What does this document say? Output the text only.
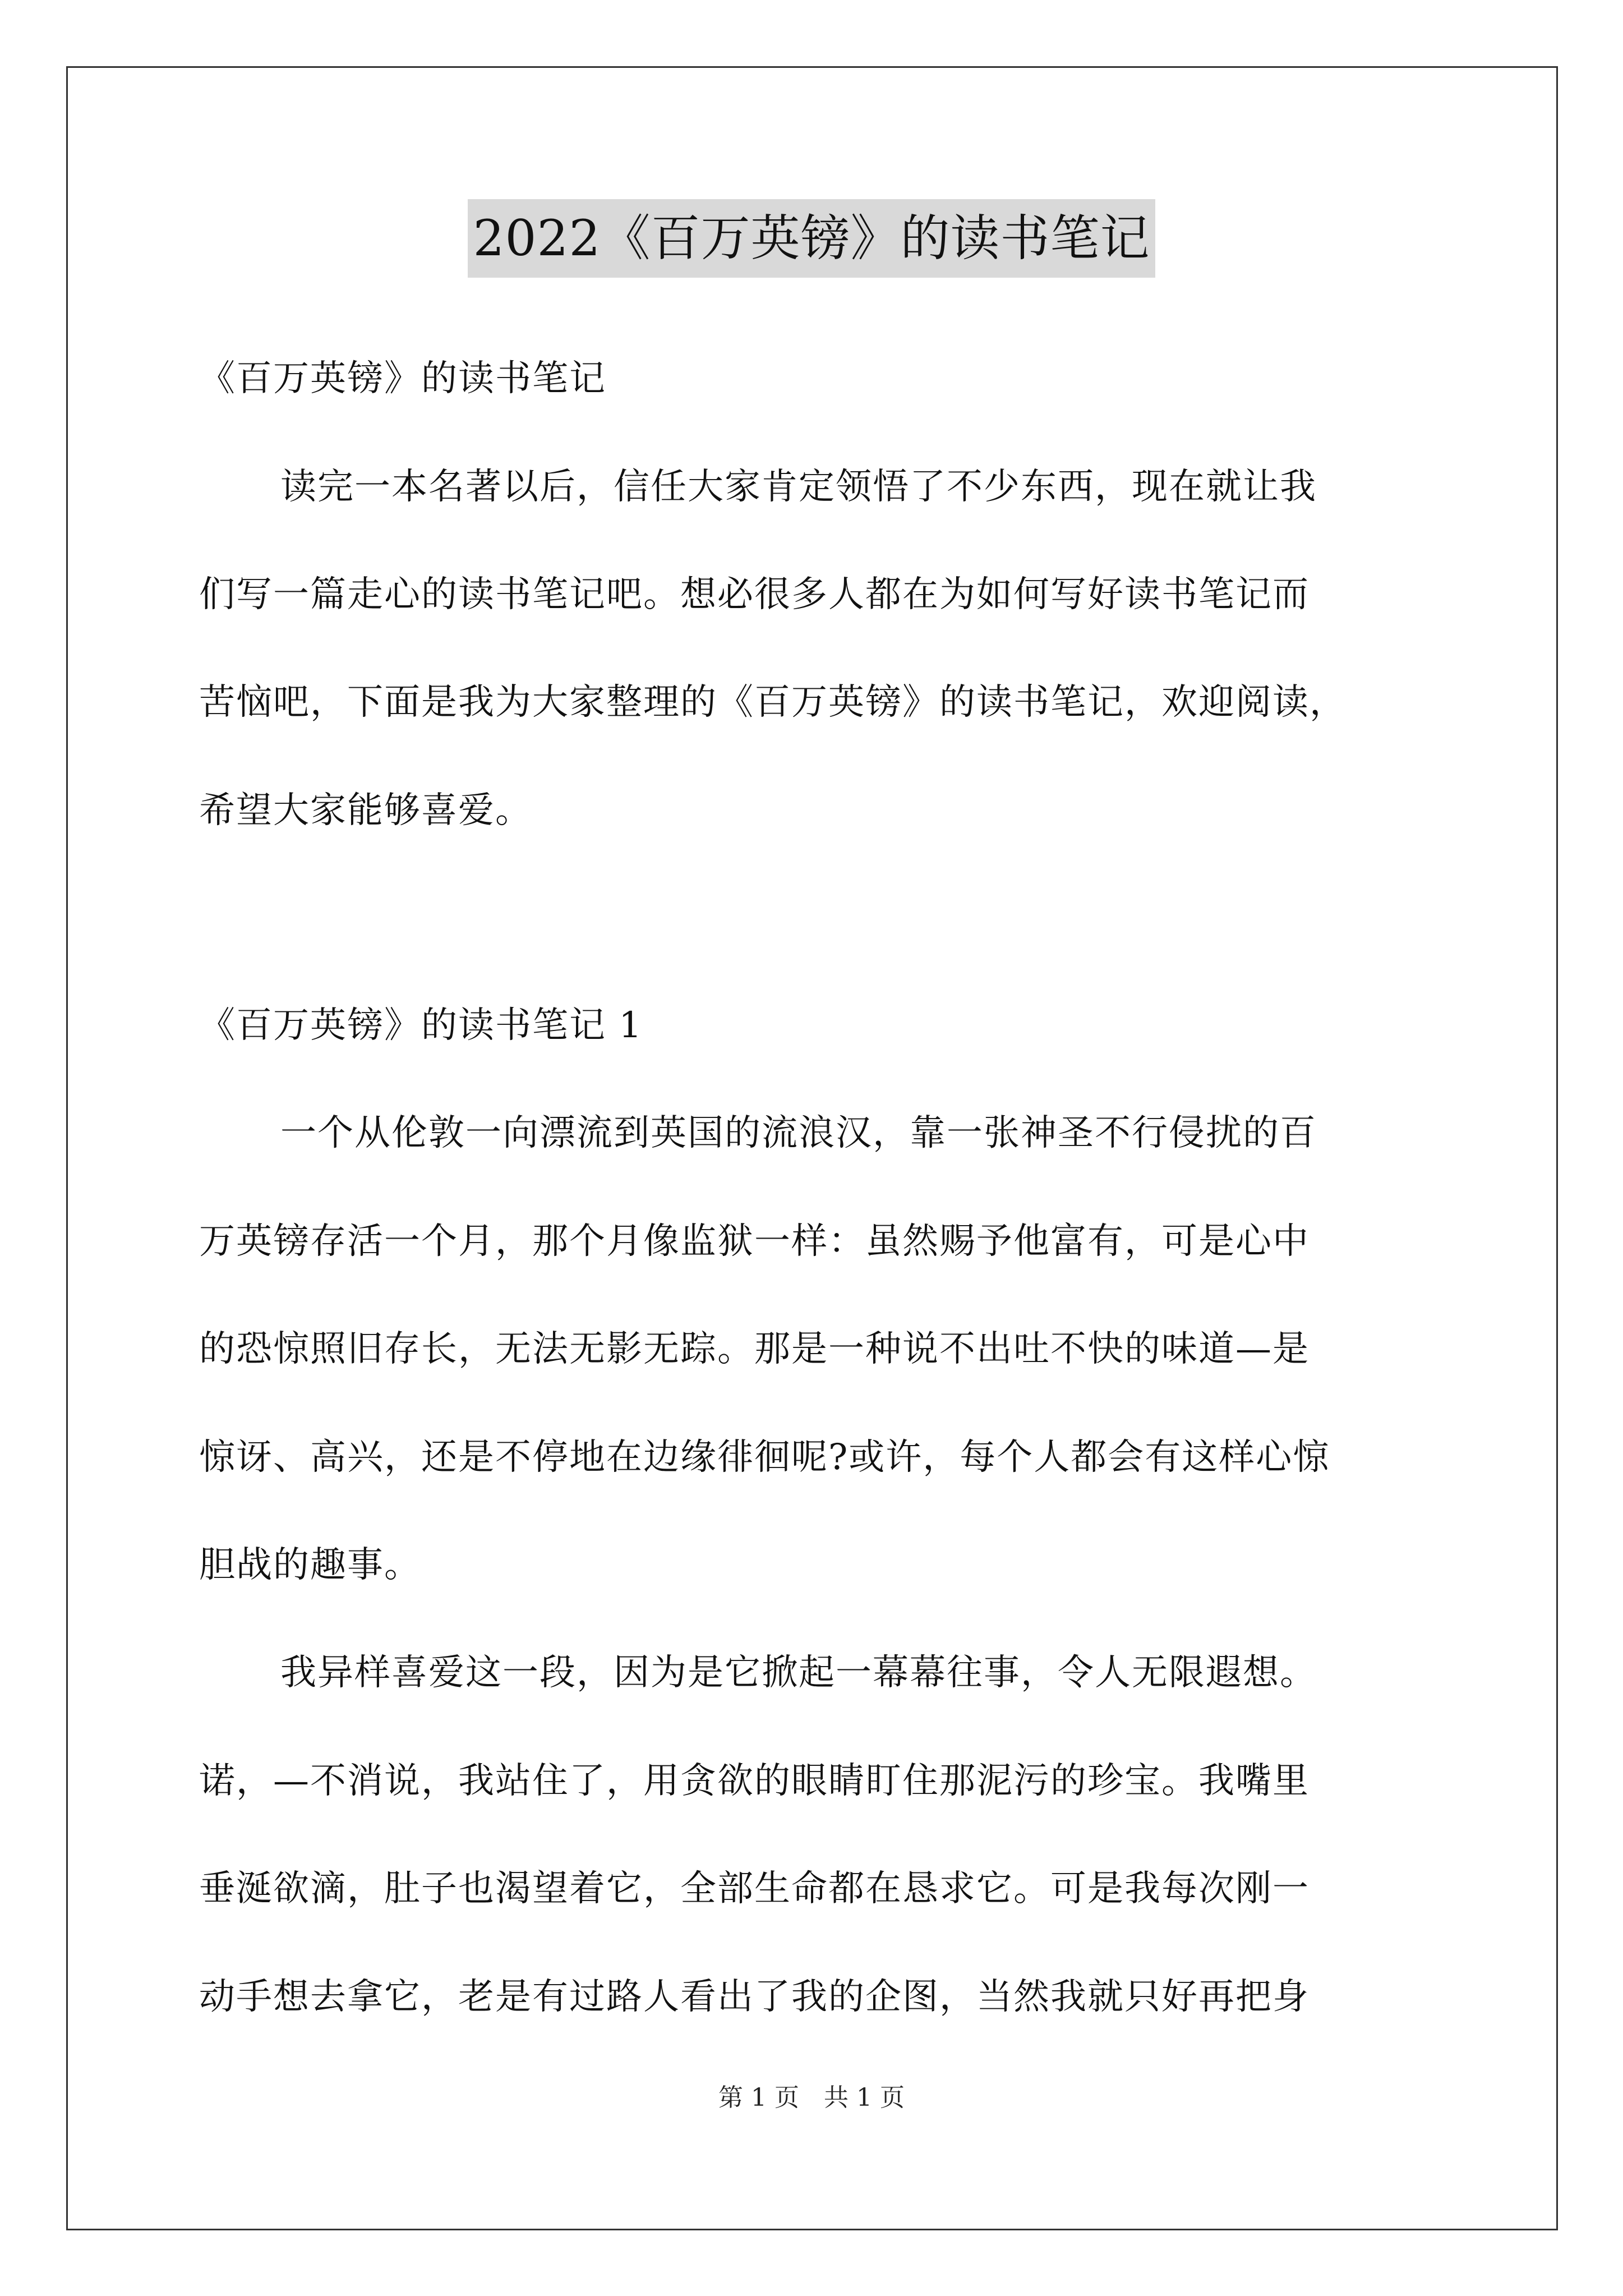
2022《百万英镑》的读书笔记
《百万英镑》的读书笔记
读完一本名著以后，信任大家肯定领悟了不少东西，现在就让我
们写一篇走心的读书笔记吧。想必很多人都在为如何写好读书笔记而
苦恼吧，下面是我为大家整理的《百万英镑》的读书笔记，欢迎阅读，
希望大家能够喜爱。
《百万英镑》的读书笔记 1
一个从伦敦一向漂流到英国的流浪汉，靠一张神圣不行侵扰的百
万英镑存活一个月，那个月像监狱一样：虽然赐予他富有，可是心中
的恐惊照旧存长，无法无影无踪。那是一种说不出吐不快的味道—是
惊讶、高兴，还是不停地在边缘徘徊呢?或许，每个人都会有这样心惊
胆战的趣事。
我异样喜爱这一段，因为是它掀起一幕幕往事，令人无限遐想。
诺，—不消说，我站住了，用贪欲的眼睛盯住那泥污的珍宝。我嘴里
垂涎欲滴，肚子也渴望着它，全部生命都在恳求它。可是我每次刚一
动手想去拿它，老是有过路人看出了我的企图，当然我就只好再把身
第 1 页　共 1 页
